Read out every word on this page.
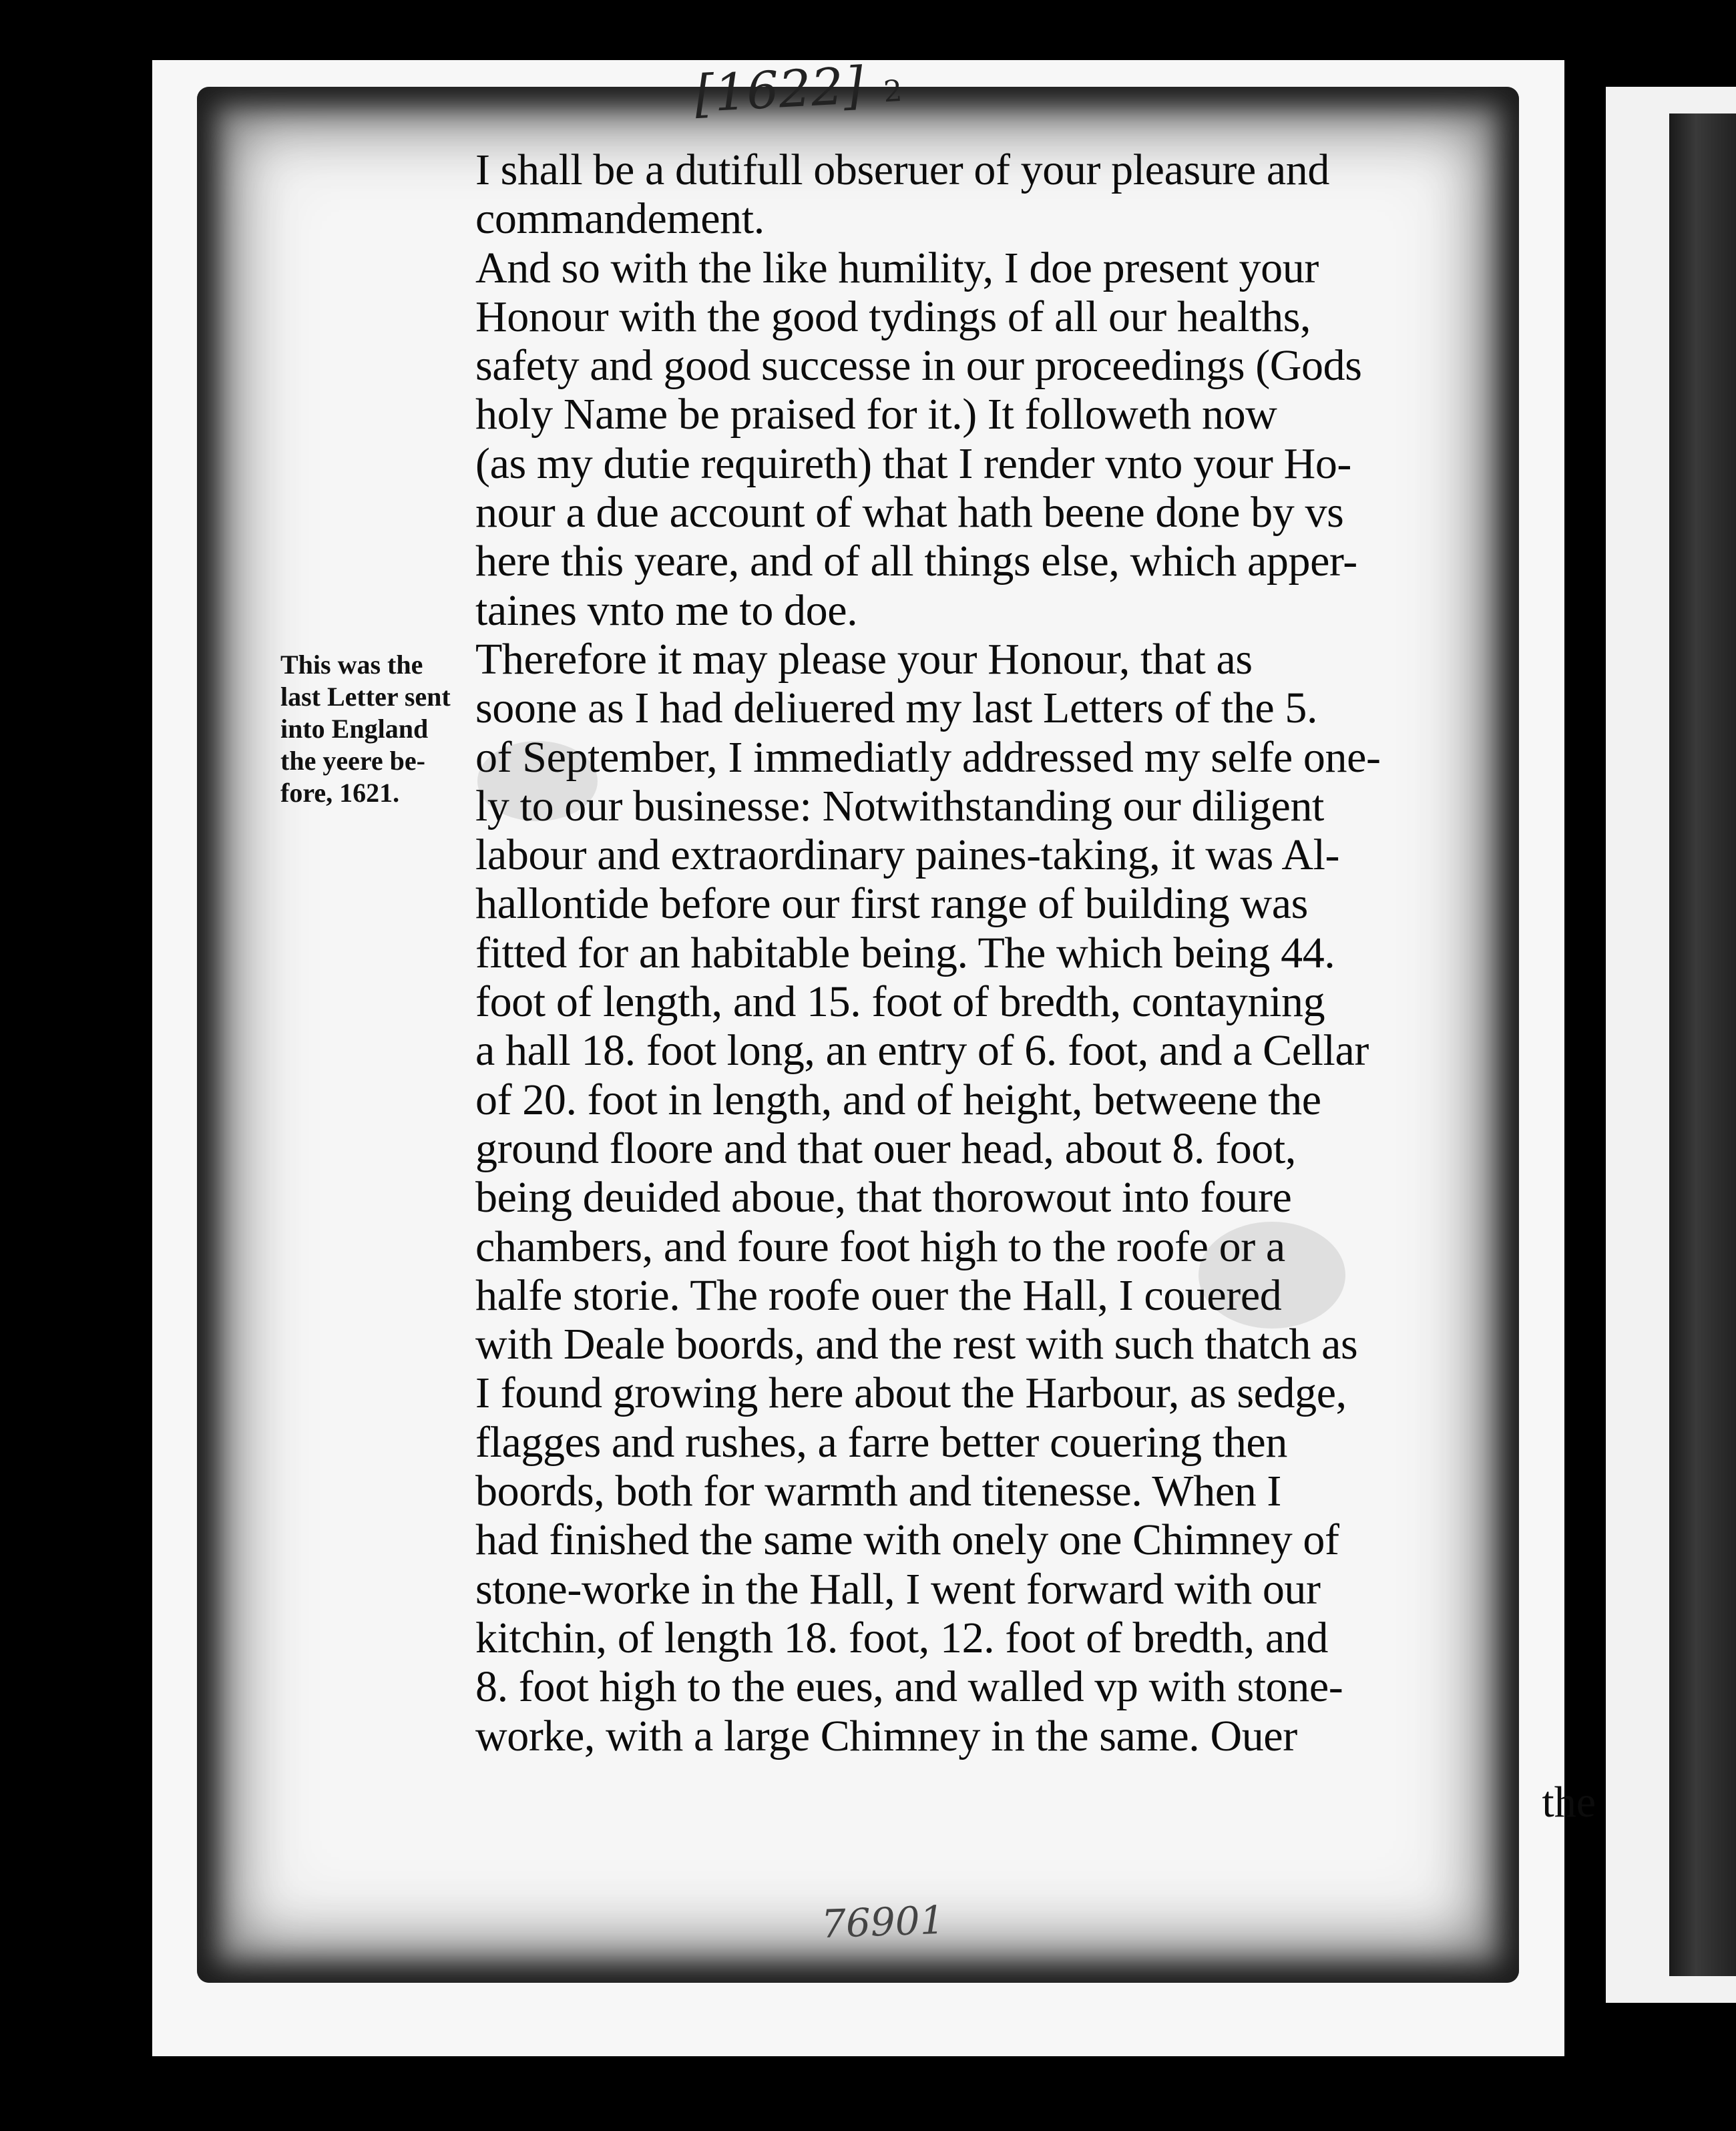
[1622] 2
This was the
last Letter sent
into England
the yeere be-
fore, 1621.
I shall be a dutifull obseruer of your pleasure and
commandement.
And so with the like humility, I doe present your
Honour with the good tydings of all our healths,
safety and good successe in our proceedings (Gods
holy Name be praised for it.) It followeth now
(as my dutie requireth) that I render vnto your Ho-
nour a due account of what hath beene done by vs
here this yeare, and of all things else, which apper-
taines vnto me to doe.
Therefore it may please your Honour, that as
soone as I had deliuered my last Letters of the 5.
of September, I immediatly addressed my selfe one-
ly to our businesse: Notwithstanding our diligent
labour and extraordinary paines-taking, it was Al-
hallontide before our first range of building was
fitted for an habitable being. The which being 44.
foot of length, and 15. foot of bredth, contayning
a hall 18. foot long, an entry of 6. foot, and a Cellar
of 20. foot in length, and of height, betweene the
ground floore and that ouer head, about 8. foot,
being deuided aboue, that thorowout into foure
chambers, and foure foot high to the roofe or a
halfe storie. The roofe ouer the Hall, I couered
with Deale boords, and the rest with such thatch as
I found growing here about the Harbour, as sedge,
flagges and rushes, a farre better couering then
boords, both for warmth and titenesse. When I
had finished the same with onely one Chimney of
stone-worke in the Hall, I went forward with our
kitchin, of length 18. foot, 12. foot of bredth, and
8. foot high to the eues, and walled vp with stone-
worke, with a large Chimney in the same. Ouer
the
76901
